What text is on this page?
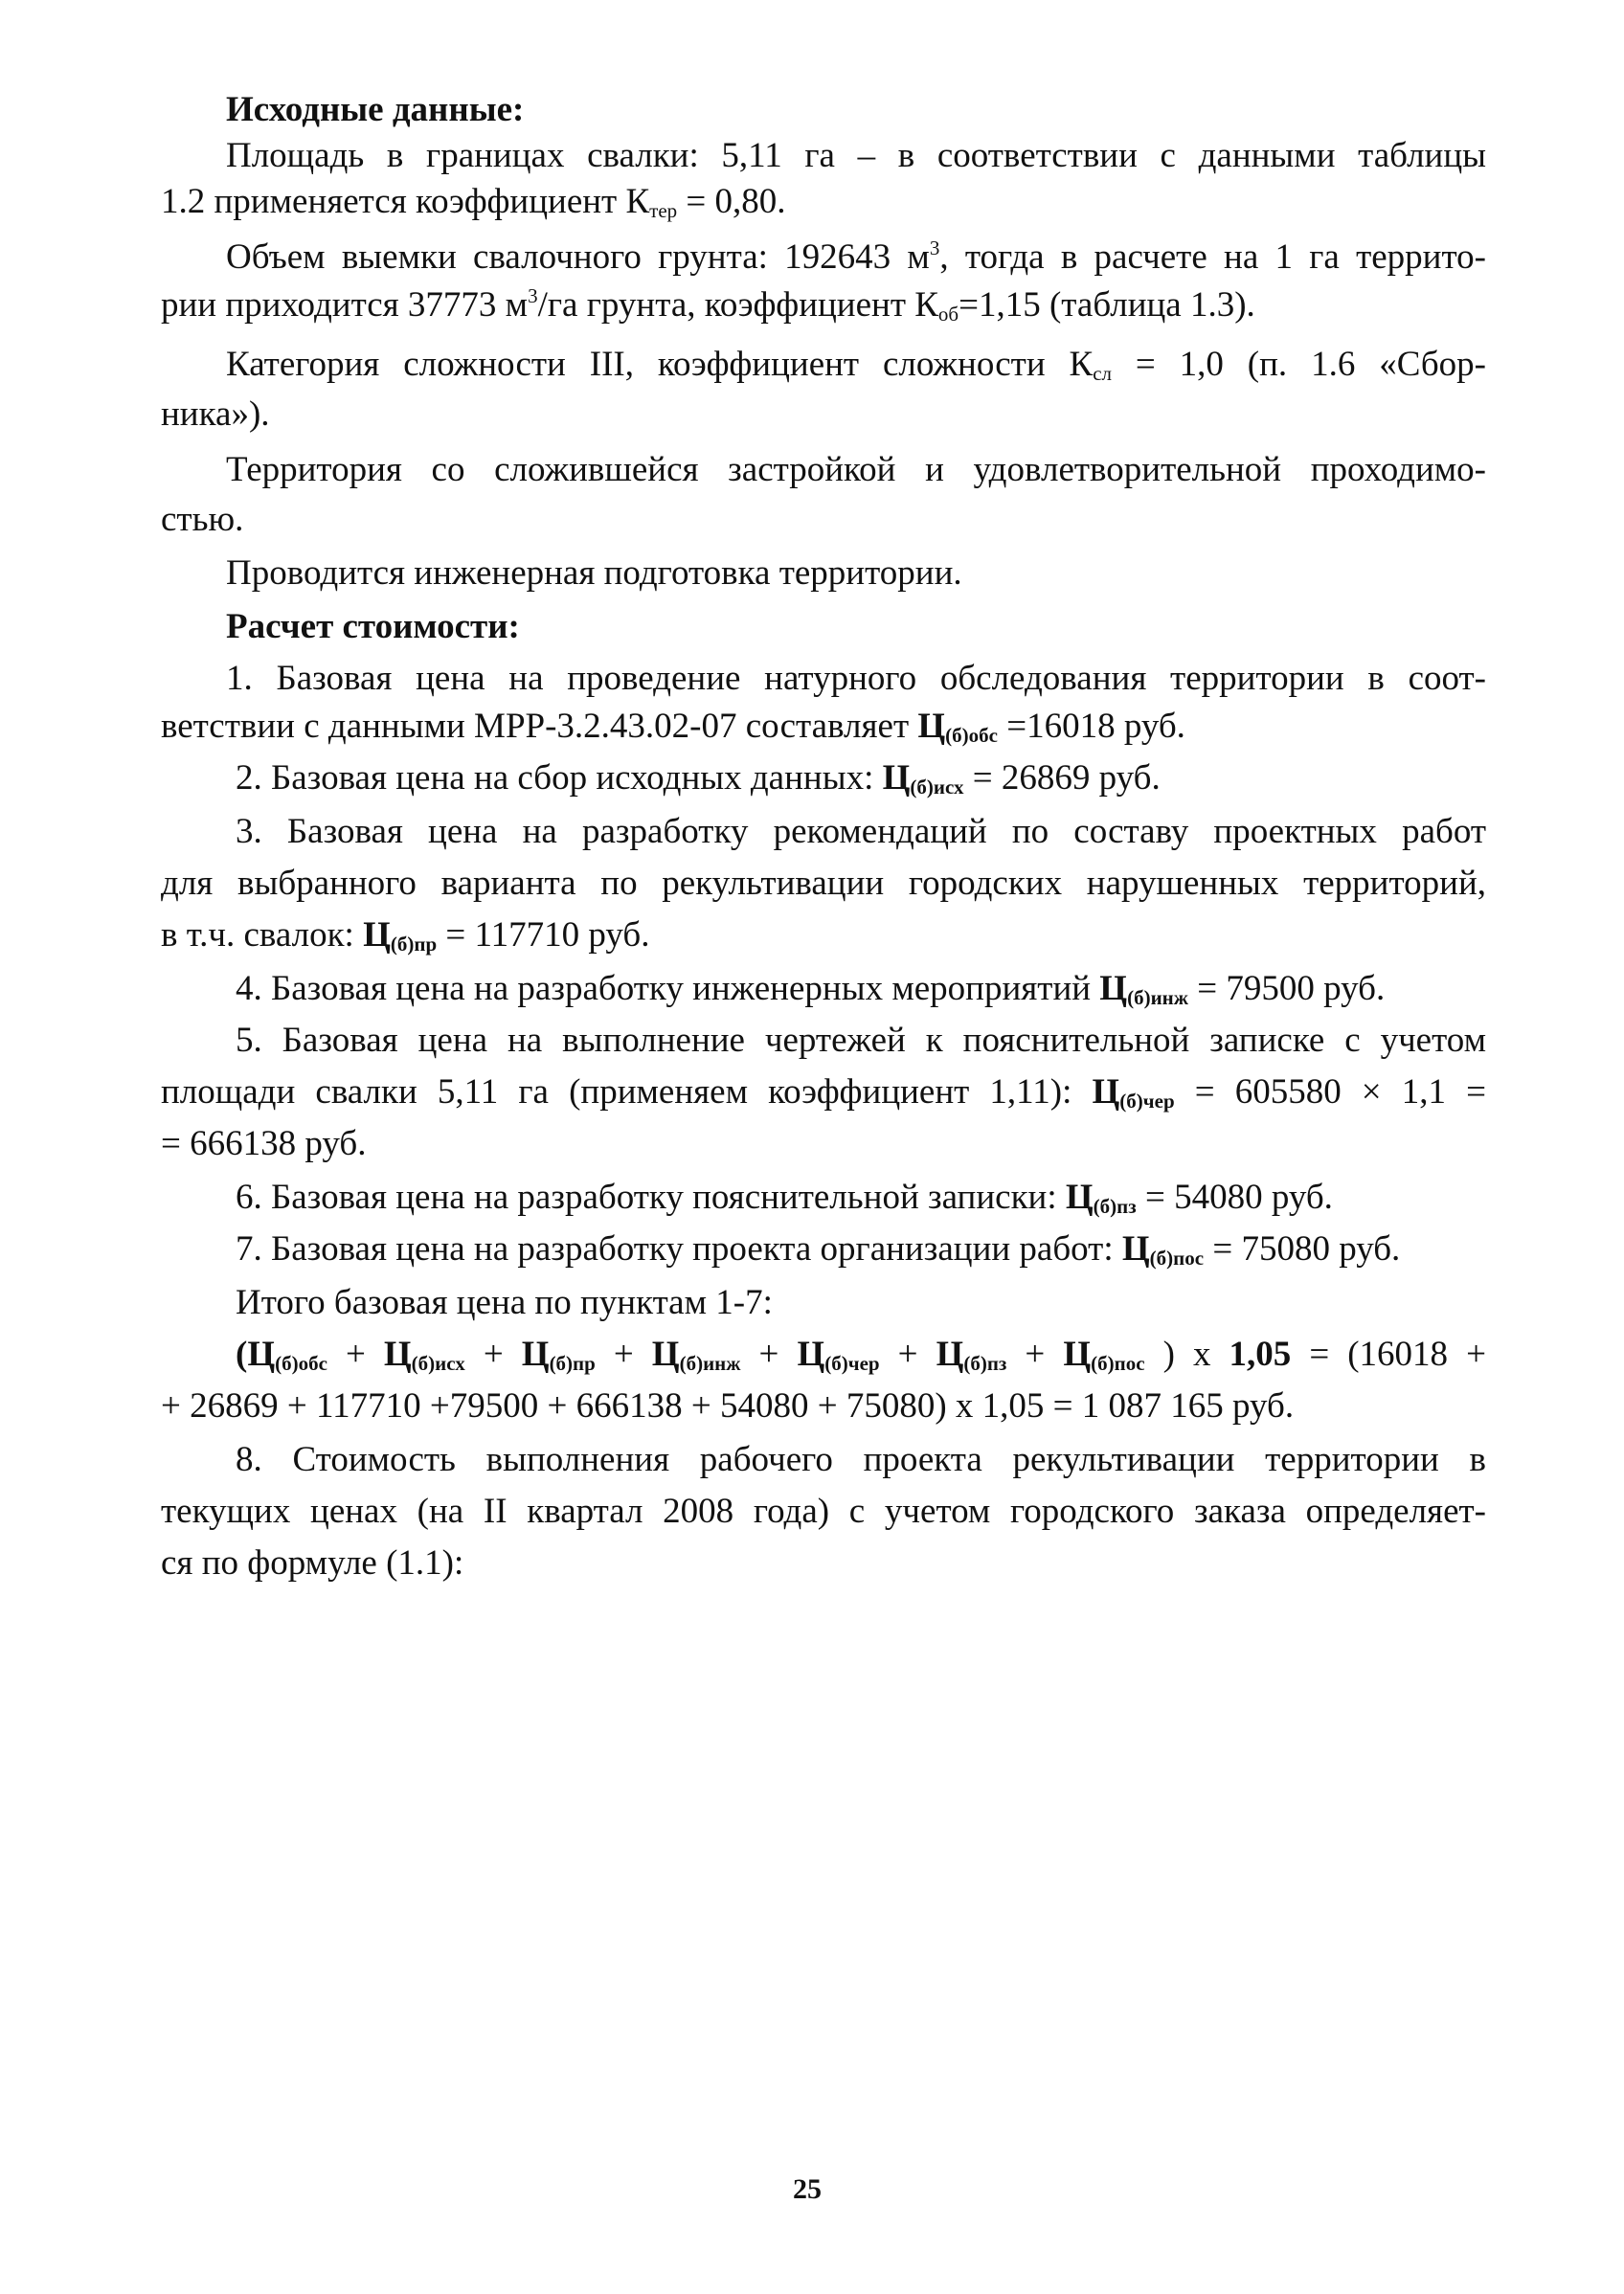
Исходные данные:

Площадь в границах свалки: 5,11 га – в соответствии с данными таблицы

1.2 применяется коэффициент $К_{тер} = 0,80$.

Объем выемки свалочного грунта: 192643 $м^3$, тогда в расчете на 1 га террито-

рии приходится 37773 $м^3/га$ грунта, коэффициент $К_{об}=1,15$ (таблица 1.3).

Категория сложности III, коэффициент сложности $К_{сл} = 1,0$ (п. 1.6 «Сбор-

ника»).

Территория со сложившейся застройкой и удовлетворительной проходимо-

стью.

Проводится инженерная подготовка территории.

Расчет стоимости:

1. Базовая цена на проведение натурного обследования территории в соот-

ветствии с данными МРР-3.2.43.02-07 составляет $Ц_{(б)обс} =16018$ руб.

2. Базовая цена на сбор исходных данных: $Ц_{(б)исх} = 26869$ руб.

3. Базовая цена на разработку рекомендаций по составу проектных работ

для выбранного варианта по рекультивации городских нарушенных территорий,

в т.ч. свалок: $Ц_{(б)пр} = 117710$ руб.

4. Базовая цена на разработку инженерных мероприятий $Ц_{(б)инж} = 79500$ руб.

5. Базовая цена на выполнение чертежей к пояснительной записке с учетом

площади свалки 5,11 га (применяем коэффициент 1,11): $Ц_{(б)чер} = 605580 \times 1,1$ =

= 666138 руб.

6. Базовая цена на разработку пояснительной записки: $Ц_{(б)пз} = 54080$ руб.

7. Базовая цена на разработку проекта организации работ: $Ц_{(б)пос} = 75080$ руб.

Итого базовая цена по пунктам 1-7:

($Ц_{(б)обс} + Ц_{(б)исх} + Ц_{(б)пр} + Ц_{(б)инж} + Ц_{(б)чер} + Ц_{(б)пз} + Ц_{(б)пос}$ ) х 1,05 = (16018 +

+ 26869 + 117710 +79500 + 666138 + 54080 + 75080) х 1,05 = 1 087 165 руб.

8. Стоимость выполнения рабочего проекта рекультивации территории в

текущих ценах (на II квартал 2008 года) с учетом городского заказа определяет-

ся по формуле (1.1):

25
